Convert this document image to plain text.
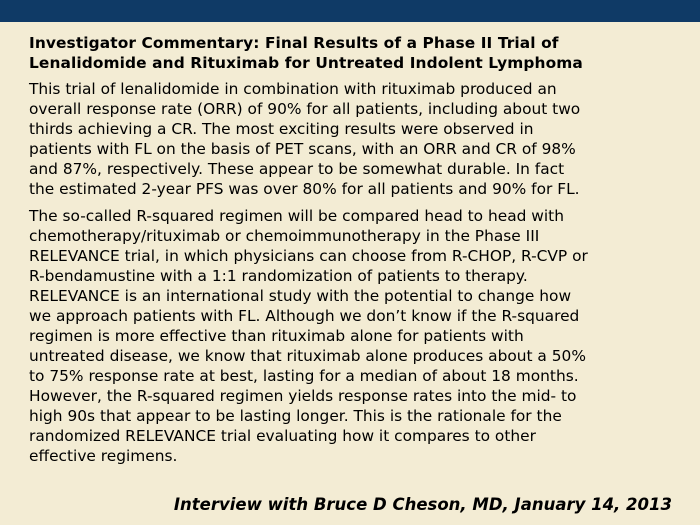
Investigator Commentary: Final Results of a Phase II Trial of
Lenalidomide and Rituximab for Untreated Indolent Lymphoma
This trial of lenalidomide in combination with rituximab produced an
overall response rate (ORR) of 90% for all patients, including about two
thirds achieving a CR. The most exciting results were observed in
patients with FL on the basis of PET scans, with an ORR and CR of 98%
and 87%, respectively. These appear to be somewhat durable. In fact
the estimated 2-year PFS was over 80% for all patients and 90% for FL.
The so-called R-squared regimen will be compared head to head with
chemotherapy/rituximab or chemoimmunotherapy in the Phase III
RELEVANCE trial, in which physicians can choose from R-CHOP, R-CVP or
R-bendamustine with a 1:1 randomization of patients to therapy.
RELEVANCE is an international study with the potential to change how
we approach patients with FL. Although we don’t know if the R-squared
regimen is more effective than rituximab alone for patients with
untreated disease, we know that rituximab alone produces about a 50%
to 75% response rate at best, lasting for a median of about 18 months.
However, the R-squared regimen yields response rates into the mid- to
high 90s that appear to be lasting longer. This is the rationale for the
randomized RELEVANCE trial evaluating how it compares to other
effective regimens.
Interview with Bruce D Cheson, MD, January 14, 2013
